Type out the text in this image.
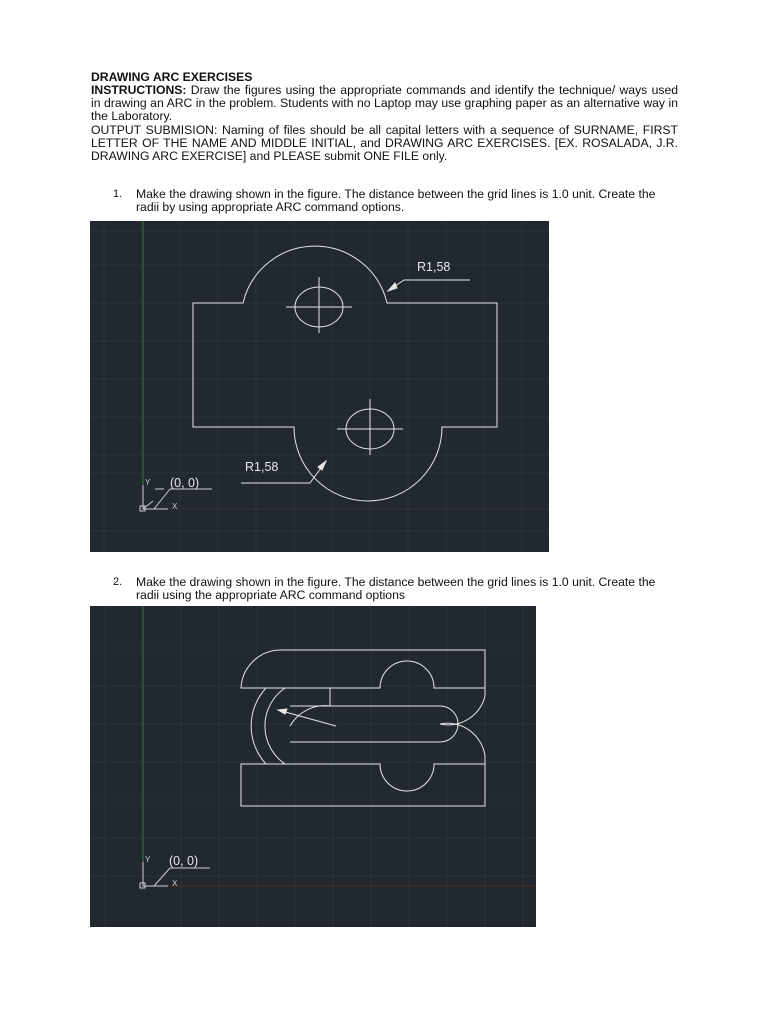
DRAWING ARC EXERCISES
INSTRUCTIONS: Draw the figures using the appropriate commands and identify the technique/ ways used in drawing an ARC in the problem. Students with no Laptop may use graphing paper as an alternative way in the Laboratory.
OUTPUT SUBMISION: Naming of files should be all capital letters with a sequence of SURNAME, FIRST LETTER OF THE NAME AND MIDDLE INITIAL, and DRAWING ARC EXERCISES. [EX. ROSALADA, J.R. DRAWING ARC EXERCISE] and PLEASE submit ONE FILE only.
1. Make the drawing shown in the figure. The distance between the grid lines is 1.0 unit. Create the radii by using appropriate ARC command options.
R1,58
R1,58
Y
X
(0, 0)
2. Make the drawing shown in the figure. The distance between the grid lines is 1.0 unit. Create the radii using the appropriate ARC command options
Y
X
(0, 0)
